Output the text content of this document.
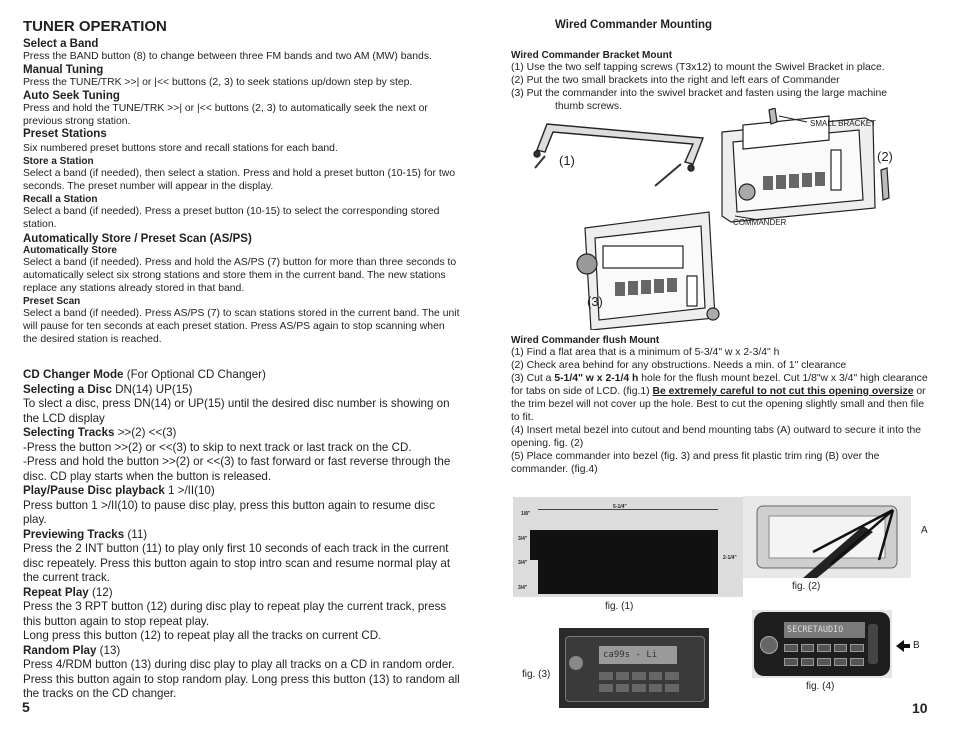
TUNER OPERATION
Select a Band
Press the BAND button (8) to change between three FM bands and two AM (MW) bands.
Manual Tuning
Press the TUNE/TRK >>| or |<< buttons (2, 3) to seek stations up/down step by step.
Auto Seek Tuning
Press and hold the TUNE/TRK >>| or |<< buttons (2, 3) to automatically seek the next or previous strong station.
Preset Stations
Six numbered preset buttons store and recall stations for each band.
Store a Station
Select a band (if needed), then select a station. Press and hold a preset button (10-15) for two seconds. The preset number will appear in the display.
Recall a Station
Select a band (if needed). Press a preset button (10-15) to select the corresponding stored station.
Automatically Store / Preset Scan (AS/PS)
Automatically Store
Select a band (if needed). Press and hold the AS/PS (7) button for more than three seconds to automatically select six strong stations and store them in the current band. The new stations replace any stations already stored in that band.
Preset Scan
Select a band (if needed). Press AS/PS (7) to scan stations stored in the current band. The unit will pause for ten seconds at each preset station. Press AS/PS again to stop scanning when the desired station is reached.
CD Changer Mode (For Optional CD Changer)
Selecting a Disc DN(14) UP(15)
To slect a disc, press DN(14) or UP(15) until the desired disc number is showing on the LCD display
Selecting Tracks >>(2) <<(3)
-Press the button >>(2) or <<(3) to skip to next track or last track on the CD.
-Press and hold the button >>(2) or <<(3) to fast forward or fast reverse through the disc. CD play starts when the button is released.
Play/Pause Disc playback 1 >/II(10)
Press button 1 >/II(10) to pause disc play, press this button again to resume disc play.
Previewing Tracks (11)
Press the 2 INT button (11) to play only first 10 seconds of each track in the current disc repeately. Press this button again to stop intro scan and resume normal play at the current track.
Repeat Play (12)
Press the 3 RPT button (12) during disc play to repeat play the current track, press this button again to stop repeat play.
Long press this button (12) to repeat play all the tracks on current CD.
Random Play (13)
Press 4/RDM button (13) during disc play to play all tracks on a CD in random order. Press this button again to stop random play. Long press this button (13) to random all the tracks on the CD changer.
5
Wired Commander Mounting
Wired Commander Bracket Mount
(1) Use the two self tapping screws (T3x12) to mount the Swivel Bracket in place.
(2) Put the two small brackets into the right and left ears of Commander
(3) Put the commander into the swivel bracket and fasten using the large machine
thumb screws.
(1)
SMALL BRACKET
COMMANDER
(2)
(3)
Wired Commander flush Mount
(1) Find a flat area that is a minimum of 5-3/4" w x 2-3/4" h
(2) Check area behind for any obstructions. Needs a min. of 1" clearance
(3) Cut a 5-1/4" w x 2-1/4 h hole for the flush mount bezel. Cut 1/8"w x 3/4" high clearance for tabs on side of LCD. (fig.1) Be extremely careful to not cut this opening oversize or the trim bezel will not cover up the hole. Best to cut the opening slightly small and then file to fit.
(4) Insert metal bezel into cutout and bend mounting tabs (A) outward to secure it into the opening. fig. (2)
(5) Place commander into bezel (fig. 3) and press fit plastic trim ring (B) over the commander. (fig.4)
5-1/4"
1/8"
3/4"
3/4"
3/4"
2-1/4"
fig. (1)
A
fig. (2)
ca99s - Li
fig. (3)
SECRETAUDIO
B
fig. (4)
10
